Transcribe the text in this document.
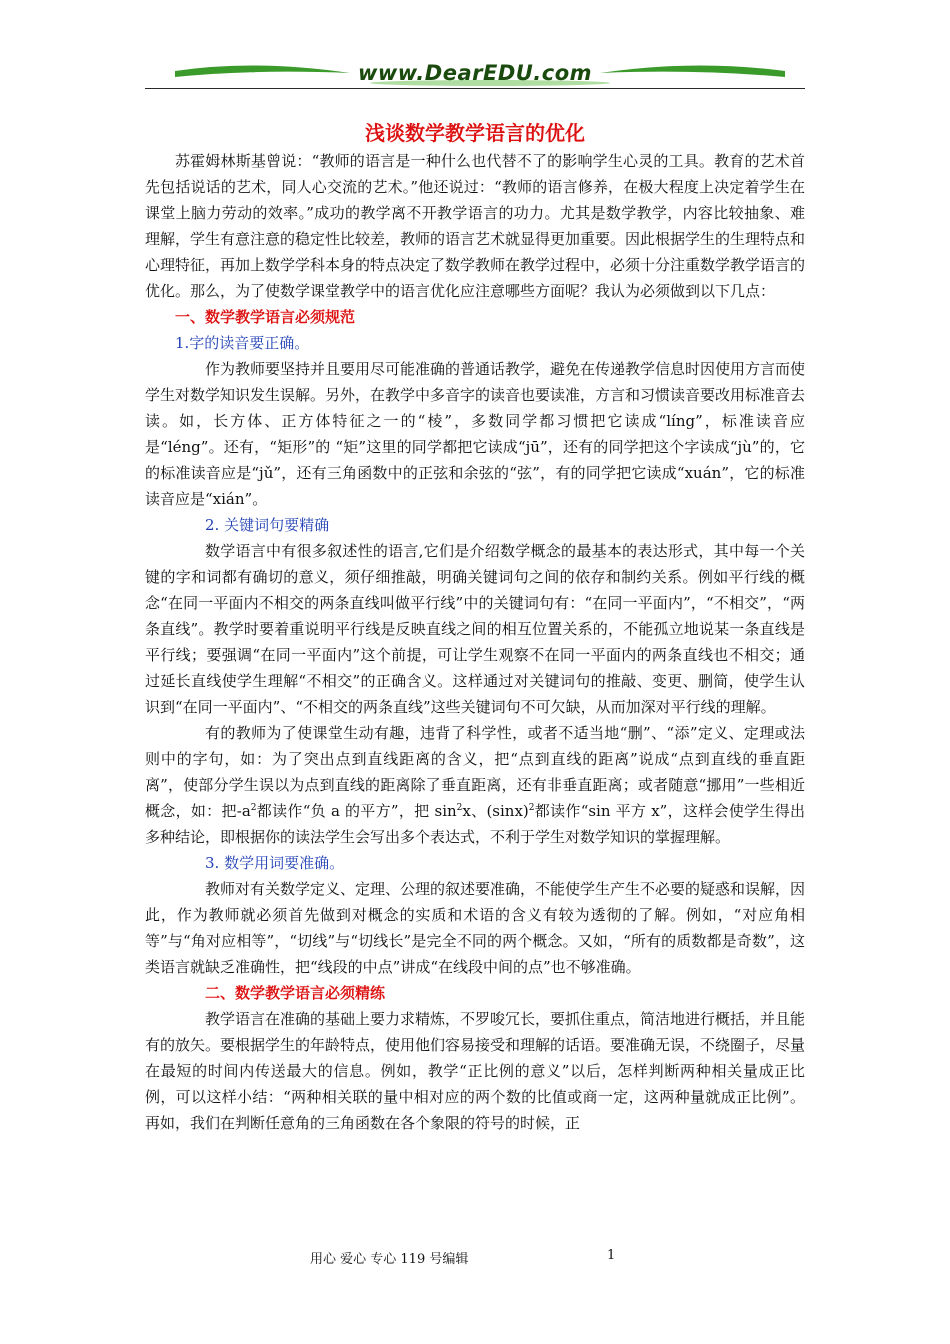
www.DearEDU.com
浅谈数学教学语言的优化

苏霍姆林斯基曾说：“教师的语言是一种什么也代替不了的影响学生心灵的工具。教育的艺术首先包括说话的艺术，同人心交流的艺术。”他还说过：“教师的语言修养，在极大程度上决定着学生在课堂上脑力劳动的效率。”成功的教学离不开教学语言的功力。尤其是数学教学，内容比较抽象、难理解，学生有意注意的稳定性比较差，教师的语言艺术就显得更加重要。因此根据学生的生理特点和心理特征，再加上数学学科本身的特点决定了数学教师在教学过程中，必须十分注重数学教学语言的优化。那么，为了使数学课堂教学中的语言优化应注意哪些方面呢？我认为必须做到以下几点：

一、数学教学语言必须规范

1.字的读音要正确。

作为教师要坚持并且要用尽可能准确的普通话教学，避免在传递教学信息时因使用方言而使学生对数学知识发生误解。另外，在教学中多音字的读音也要读准，方言和习惯读音要改用标准音去读。如，长方体、正方体特征之一的“棱”，多数同学都习惯把它读成“líng”，标准读音应是“léng”。还有，“矩形”的 “矩”这里的同学都把它读成“jū”，还有的同学把这个字读成“jù”的，它的标准读音应是“jǔ”，还有三角函数中的正弦和余弦的“弦”，有的同学把它读成“xuán”，它的标准读音应是“xián”。

2. 关键词句要精确

数学语言中有很多叙述性的语言,它们是介绍数学概念的最基本的表达形式，其中每一个关键的字和词都有确切的意义，须仔细推敲，明确关键词句之间的依存和制约关系。例如平行线的概念“在同一平面内不相交的两条直线叫做平行线”中的关键词句有：“在同一平面内”，“不相交”，“两条直线”。教学时要着重说明平行线是反映直线之间的相互位置关系的，不能孤立地说某一条直线是平行线；要强调“在同一平面内”这个前提，可让学生观察不在同一平面内的两条直线也不相交；通过延长直线使学生理解“不相交”的正确含义。这样通过对关键词句的推敲、变更、删简，使学生认识到“在同一平面内”、“不相交的两条直线”这些关键词句不可欠缺，从而加深对平行线的理解。

有的教师为了使课堂生动有趣，违背了科学性，或者不适当地“删”、“添”定义、定理或法则中的字句，如：为了突出点到直线距离的含义，把“点到直线的距离”说成“点到直线的垂直距离”，使部分学生误以为点到直线的距离除了垂直距离，还有非垂直距离；或者随意“挪用”一些相近概念，如：把$-a^2$都读作“负 a 的平方”，把 $\sin^2x$、$(\sin x)^2$都读作“sin 平方 x”，这样会使学生得出多种结论，即根据你的读法学生会写出多个表达式，不利于学生对数学知识的掌握理解。

3. 数学用词要准确。

教师对有关数学定义、定理、公理的叙述要准确，不能使学生产生不必要的疑惑和误解，因此，作为教师就必须首先做到对概念的实质和术语的含义有较为透彻的了解。例如，“对应角相等”与“角对应相等”，“切线”与“切线长”是完全不同的两个概念。又如，“所有的质数都是奇数”，这类语言就缺乏准确性，把“线段的中点”讲成“在线段中间的点”也不够准确。

二、数学教学语言必须精练

教学语言在准确的基础上要力求精炼，不罗唆冗长，要抓住重点，简洁地进行概括，并且能有的放矢。要根据学生的年龄特点，使用他们容易接受和理解的话语。要准确无误，不绕圈子，尽量在最短的时间内传送最大的信息。例如，教学“正比例的意义”以后，怎样判断两种相关量成正比例，可以这样小结：“两种相关联的量中相对应的两个数的比值或商一定，这两种量就成正比例”。再如，我们在判断任意角的三角函数在各个象限的符号的时候，正

用心 爱心 专心 119 号编辑	1
